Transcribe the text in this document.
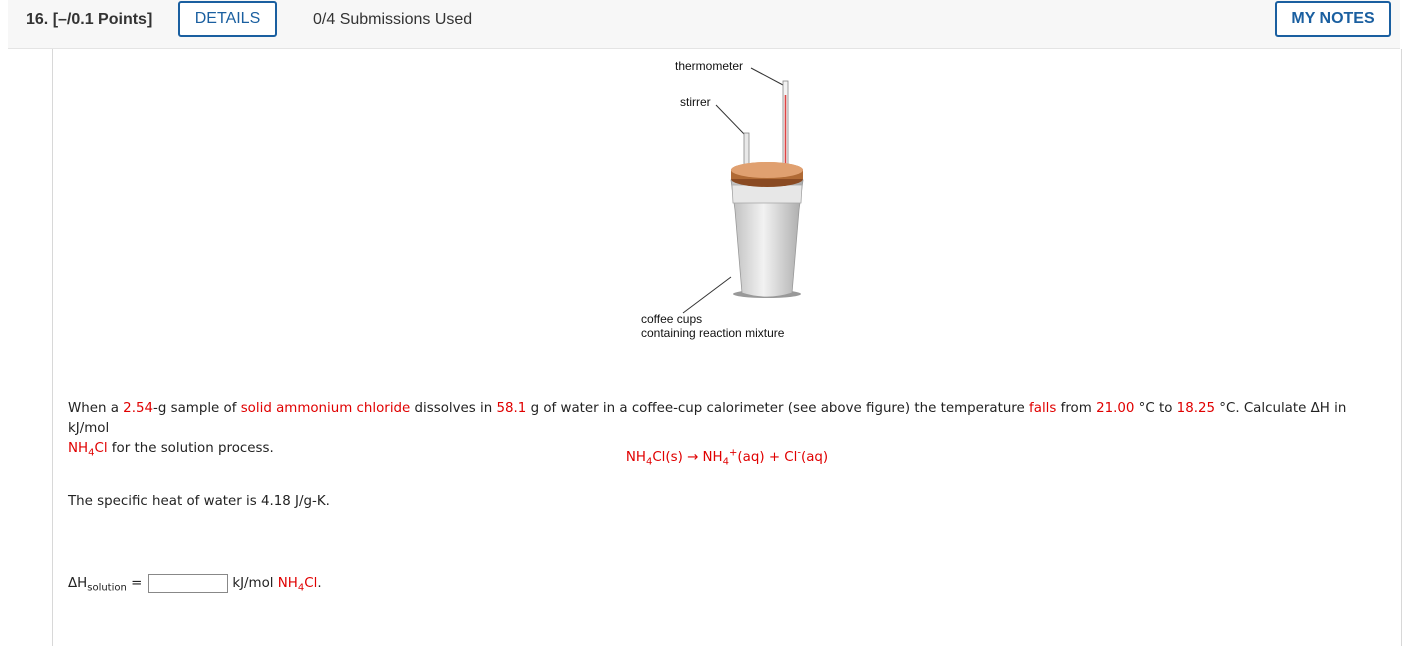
16. [–/0.1 Points]	DETAILS	0/4 Submissions Used	MY NOTES
thermometer
stirrer
coffee cups
containing reaction mixture
When a 2.54-g sample of solid ammonium chloride dissolves in 58.1 g of water in a coffee-cup calorimeter (see above figure) the temperature falls from 21.00 °C to 18.25 °C. Calculate ΔH in kJ/mol
$NH_4Cl$ for the solution process.
$NH_4Cl(s) \to NH_4^+(aq) + Cl^-(aq)$
The specific heat of water is 4.18 J/g-K.
$\Delta H_{solution}$ =	kJ/mol $NH_4Cl$.
